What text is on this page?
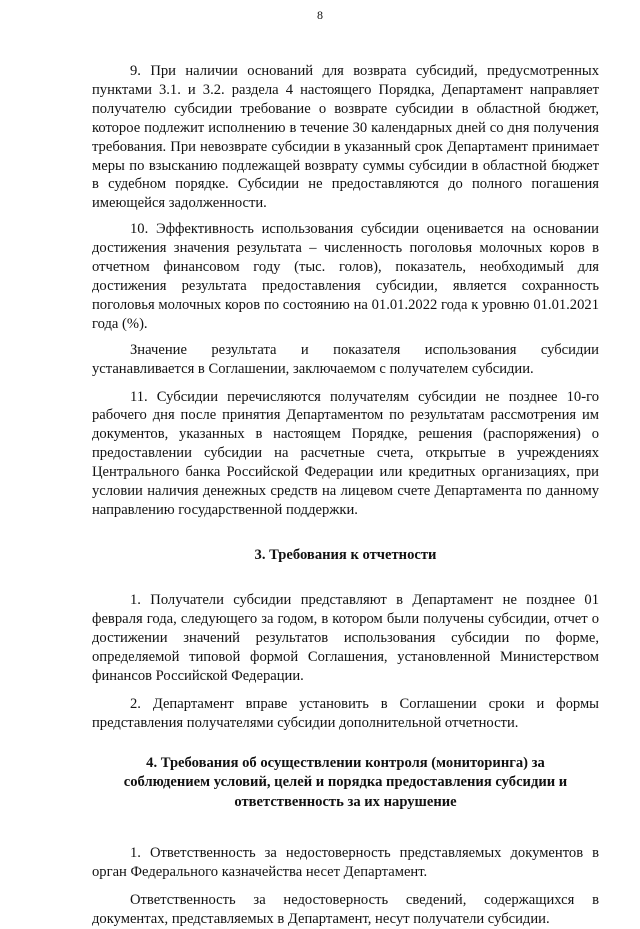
8

9. При наличии оснований для возврата субсидий, предусмотренных пунктами 3.1. и 3.2. раздела 4 настоящего Порядка, Департамент направляет получателю субсидии требование о возврате субсидии в областной бюджет, которое подлежит исполнению в течение 30 календарных дней со дня получения требования. При невозврате субсидии в указанный срок Департамент принимает меры по взысканию подлежащей возврату суммы субсидии в областной бюджет в судебном порядке. Субсидии не предоставляются до полного погашения имеющейся задолженности.

10. Эффективность использования субсидии оценивается на основании достижения значения результата – численность поголовья молочных коров в отчетном финансовом году (тыс. голов), показатель, необходимый для достижения результата предоставления субсидии, является сохранность поголовья молочных коров по состоянию на 01.01.2022 года к уровню 01.01.2021 года (%).

Значение результата и показателя использования субсидии устанавливается в Соглашении, заключаемом с получателем субсидии.

11. Субсидии перечисляются получателям субсидии не позднее 10-го рабочего дня после принятия Департаментом по результатам рассмотрения им документов, указанных в настоящем Порядке, решения (распоряжения) о предоставлении субсидии на расчетные счета, открытые в учреждениях Центрального банка Российской Федерации или кредитных организациях, при условии наличия денежных средств на лицевом счете Департамента по данному направлению государственной поддержки.

3. Требования к отчетности

1. Получатели субсидии представляют в Департамент не позднее 01 февраля года, следующего за годом, в котором были получены субсидии, отчет о достижении значений результатов использования субсидии по форме, определяемой типовой формой Соглашения, установленной Министерством финансов Российской Федерации.

2. Департамент вправе установить в Соглашении сроки и формы представления получателями субсидии дополнительной отчетности.

4. Требования об осуществлении контроля (мониторинга) за
соблюдением условий, целей и порядка предоставления субсидии и
ответственность за их нарушение

1. Ответственность за недостоверность представляемых документов в орган Федерального казначейства несет Департамент.

Ответственность за недостоверность сведений, содержащихся в документах, представляемых в Департамент, несут получатели субсидии.
